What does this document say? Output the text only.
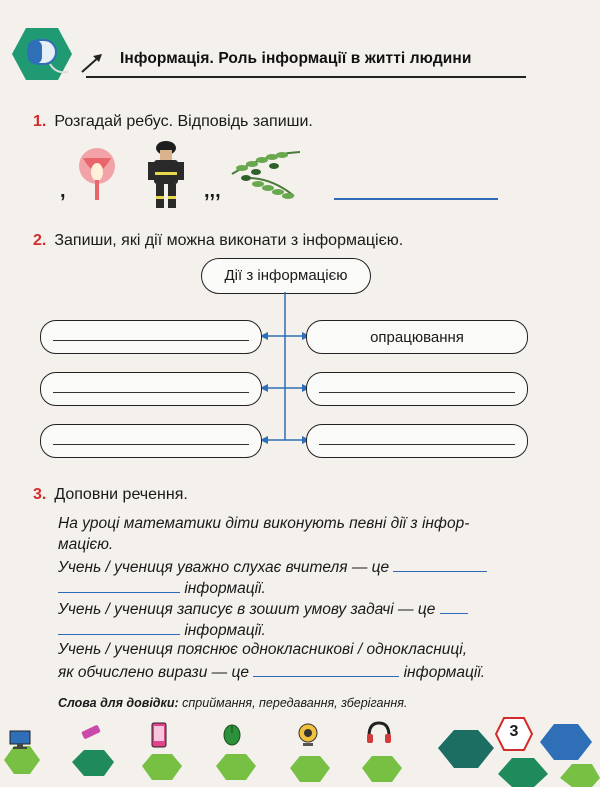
Інформація. Роль інформації в житті людини
1. Розгадай ребус. Відповідь запиши.
,	,,,
2. Запиши, які дії можна виконати з інформацією.
Дії з інформацією
опрацювання
3. Доповни речення.
На уроці математики діти виконують певні дії з інфор-
мацією.
Учень / учениця уважно слухає вчителя — це
інформації.
Учень / учениця записує в зошит умову задачі — це
інформації.
Учень / учениця пояснює однокласникові / однокласниці,
як обчислено вирази — це	інформації.
Слова для довідки: сприймання, передавання, зберігання.
3
